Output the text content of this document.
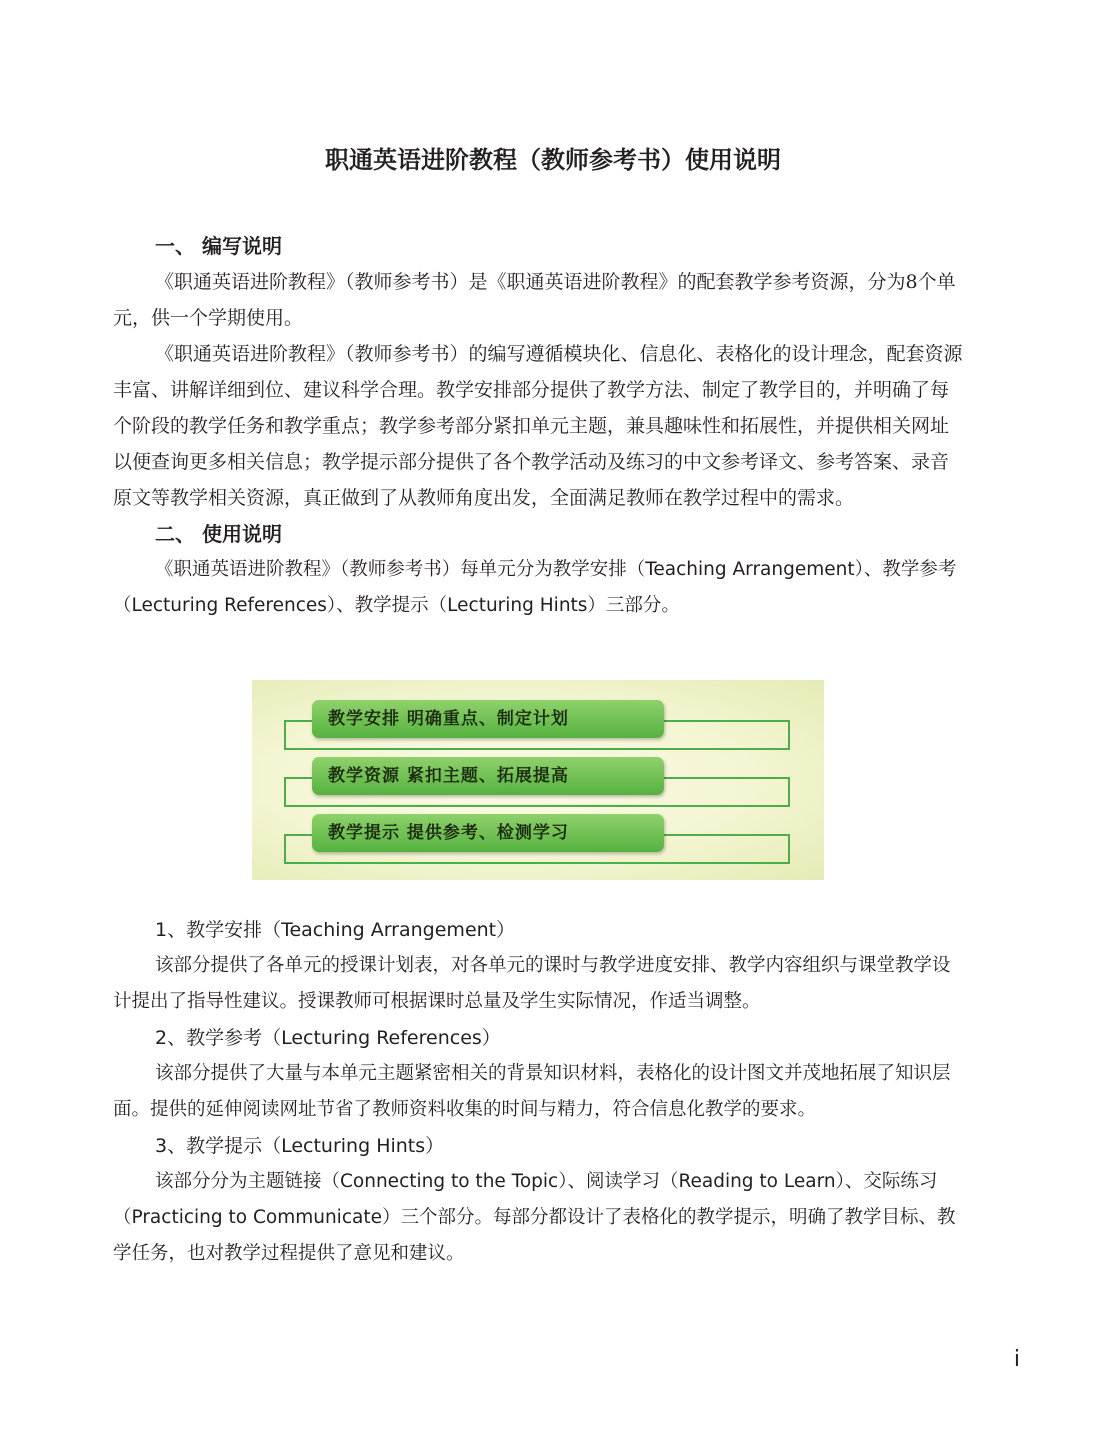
职通英语进阶教程（教师参考书）使用说明
一、 编写说明

《职通英语进阶教程》（教师参考书）是《职通英语进阶教程》的配套教学参考资源，分为8个单元，供一个学期使用。

《职通英语进阶教程》（教师参考书）的编写遵循模块化、信息化、表格化的设计理念，配套资源丰富、讲解详细到位、建议科学合理。教学安排部分提供了教学方法、制定了教学目的，并明确了每个阶段的教学任务和教学重点；教学参考部分紧扣单元主题，兼具趣味性和拓展性，并提供相关网址以便查询更多相关信息；教学提示部分提供了各个教学活动及练习的中文参考译文、参考答案、录音原文等教学相关资源，真正做到了从教师角度出发，全面满足教师在教学过程中的需求。

二、 使用说明

《职通英语进阶教程》（教师参考书）每单元分为教学安排（Teaching Arrangement）、教学参考（Lecturing References）、教学提示（Lecturing Hints）三部分。

教学安排 明确重点、制定计划
教学资源 紧扣主题、拓展提高
教学提示 提供参考、检测学习
1、教学安排（Teaching Arrangement）

该部分提供了各单元的授课计划表，对各单元的课时与教学进度安排、教学内容组织与课堂教学设计提出了指导性建议。授课教师可根据课时总量及学生实际情况，作适当调整。

2、教学参考（Lecturing References）

该部分提供了大量与本单元主题紧密相关的背景知识材料，表格化的设计图文并茂地拓展了知识层面。提供的延伸阅读网址节省了教师资料收集的时间与精力，符合信息化教学的要求。

3、教学提示（Lecturing Hints）

该部分分为主题链接（Connecting to the Topic）、阅读学习（Reading to Learn）、交际练习（Practicing to Communicate）三个部分。每部分都设计了表格化的教学提示，明确了教学目标、教学任务，也对教学过程提供了意见和建议。

i
